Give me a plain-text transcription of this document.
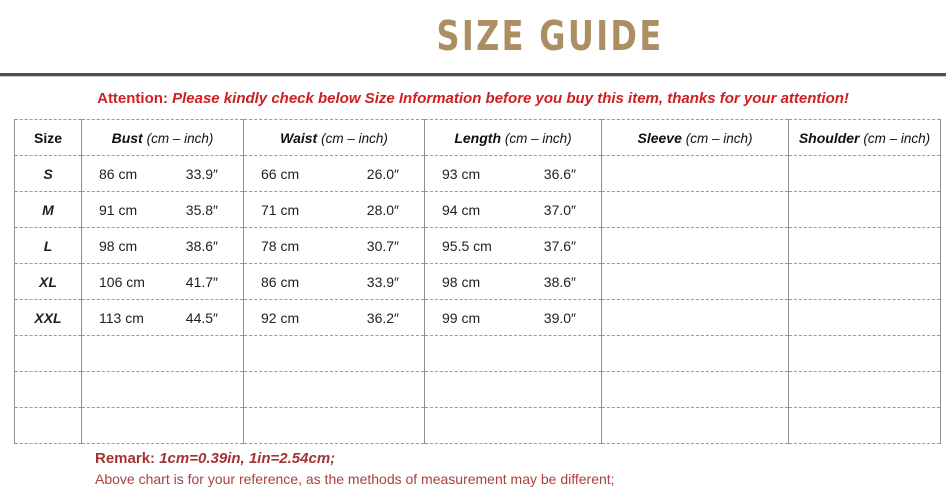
SIZE GUIDE
Attention: Please kindly check below Size Information before you buy this item, thanks for your attention!
Size	Bust (cm – inch)	Waist (cm – inch)	Length (cm – inch)	Sleeve (cm – inch)	Shoulder (cm – inch)
S	86 cm 33.9″	66 cm 26.0″	93 cm 36.6″		

M	91 cm 35.8″	71 cm 28.0″	94 cm 37.0″		

L	98 cm 38.6″	78 cm 30.7″	95.5 cm 37.6″		

XL	106 cm 41.7″	86 cm 33.9″	98 cm 38.6″		

XXL	113 cm 44.5″	92 cm 36.2″	99 cm 39.0″		

Remark: 1cm=0.39in, 1in=2.54cm;
Above chart is for your reference, as the methods of measurement may be different;
